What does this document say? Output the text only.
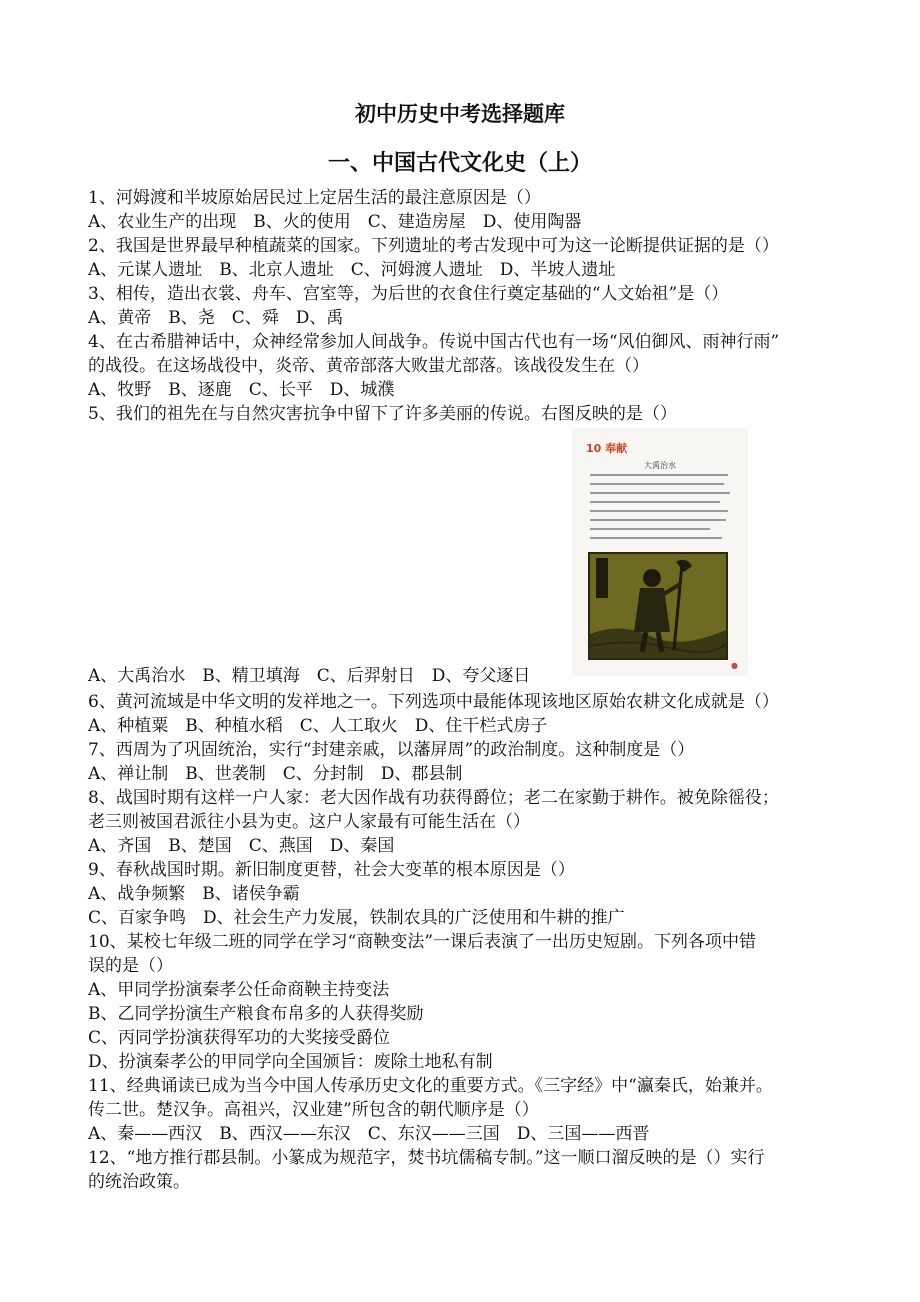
初中历史中考选择题库
一、中国古代文化史（上）
1、河姆渡和半坡原始居民过上定居生活的最注意原因是（）
A、农业生产的出现　B、火的使用　C、建造房屋　D、使用陶器
2、我国是世界最早种植蔬菜的国家。下列遗址的考古发现中可为这一论断提供证据的是（）
A、元谋人遗址　B、北京人遗址　C、河姆渡人遗址　D、半坡人遗址
3、相传，造出衣裳、舟车、宫室等，为后世的衣食住行奠定基础的“人文始祖”是（）
A、黄帝　B、尧　C、舜　D、禹
4、在古希腊神话中，众神经常参加人间战争。传说中国古代也有一场“风伯御风、雨神行雨”
的战役。在这场战役中，炎帝、黄帝部落大败蚩尤部落。该战役发生在（）
A、牧野　B、逐鹿　C、长平　D、城濮
5、我们的祖先在与自然灾害抗争中留下了许多美丽的传说。右图反映的是（）
10 奉献
大禹治水
●
A、大禹治水　B、精卫填海　C、后羿射日　D、夸父逐日
6、黄河流域是中华文明的发祥地之一。下列选项中最能体现该地区原始农耕文化成就是（）
A、种植粟　B、种植水稻　C、人工取火　D、住干栏式房子
7、西周为了巩固统治，实行“封建亲戚，以藩屏周”的政治制度。这种制度是（）
A、禅让制　B、世袭制　C、分封制　D、郡县制
8、战国时期有这样一户人家：老大因作战有功获得爵位；老二在家勤于耕作。被免除徭役；
老三则被国君派往小县为吏。这户人家最有可能生活在（）
A、齐国　B、楚国　C、燕国　D、秦国
9、春秋战国时期。新旧制度更替，社会大变革的根本原因是（）
A、战争频繁　B、诸侯争霸
C、百家争鸣　D、社会生产力发展，铁制农具的广泛使用和牛耕的推广
10、某校七年级二班的同学在学习“商鞅变法”一课后表演了一出历史短剧。下列各项中错
误的是（）
A、甲同学扮演秦孝公任命商鞅主持变法
B、乙同学扮演生产粮食布帛多的人获得奖励
C、丙同学扮演获得军功的大奖接受爵位
D、扮演秦孝公的甲同学向全国颁旨：废除土地私有制
11、经典诵读已成为当今中国人传承历史文化的重要方式。《三字经》中“瀛秦氏，始兼并。
传二世。楚汉争。高祖兴，汉业建”所包含的朝代顺序是（）
A、秦——西汉　B、西汉——东汉　C、东汉——三国　D、三国——西晋
12、“地方推行郡县制。小篆成为规范字，焚书坑儒稿专制。”这一顺口溜反映的是（）实行
的统治政策。
